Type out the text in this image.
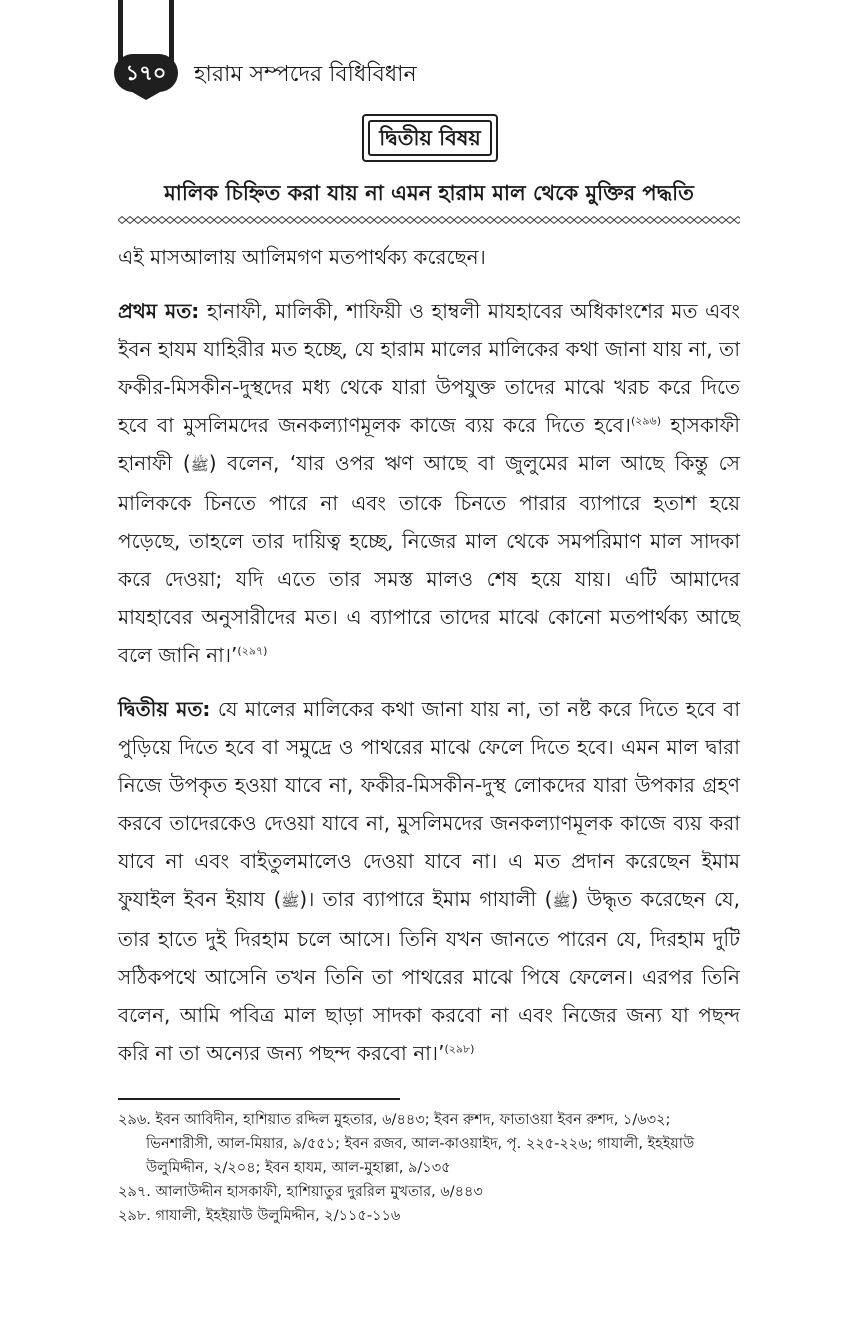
১৭০	হারাম সম্পদের বিধিবিধান
দ্বিতীয় বিষয়
মালিক চিহ্নিত করা যায় না এমন হারাম মাল থেকে মুক্তির পদ্ধতি

এই মাসআলায় আলিমগণ মতপার্থক্য করেছেন।

প্রথম মত: হানাফী, মালিকী, শাফিয়ী ও হাম্বলী মাযহাবের অধিকাংশের মত এবং ইবন হাযম যাহিরীর মত হচ্ছে, যে হারাম মালের মালিকের কথা জানা যায় না, তা ফকীর-মিসকীন-দুস্থদের মধ্য থেকে যারা উপযুক্ত তাদের মাঝে খরচ করে দিতে হবে বা মুসলিমদের জনকল্যাণমূলক কাজে ব্যয় করে দিতে হবে।$^{(২৯৬)}$ হাসকাফী হানাফী (ﷺ) বলেন, ‘যার ওপর ঋণ আছে বা জুলুমের মাল আছে কিন্তু সে মালিককে চিনতে পারে না এবং তাকে চিনতে পারার ব্যাপারে হতাশ হয়ে পড়েছে, তাহলে তার দায়িত্ব হচ্ছে, নিজের মাল থেকে সমপরিমাণ মাল সাদকা করে দেওয়া; যদি এতে তার সমস্ত মালও শেষ হয়ে যায়। এটি আমাদের মাযহাবের অনুসারীদের মত। এ ব্যাপারে তাদের মাঝে কোনো মতপার্থক্য আছে বলে জানি না।’$^{(২৯৭)}$

দ্বিতীয় মত: যে মালের মালিকের কথা জানা যায় না, তা নষ্ট করে দিতে হবে বা পুড়িয়ে দিতে হবে বা সমুদ্রে ও পাথরের মাঝে ফেলে দিতে হবে। এমন মাল দ্বারা নিজে উপকৃত হওয়া যাবে না, ফকীর-মিসকীন-দুস্থ লোকদের যারা উপকার গ্রহণ করবে তাদেরকেও দেওয়া যাবে না, মুসলিমদের জনকল্যাণমূলক কাজে ব্যয় করা যাবে না এবং বাইতুলমালেও দেওয়া যাবে না। এ মত প্রদান করেছেন ইমাম ফুযাইল ইবন ইয়ায (ﷺ)। তার ব্যাপারে ইমাম গাযালী (ﷺ) উদ্ধৃত করেছেন যে, তার হাতে দুই দিরহাম চলে আসে। তিনি যখন জানতে পারেন যে, দিরহাম দুটি সঠিকপথে আসেনি তখন তিনি তা পাথরের মাঝে পিষে ফেলেন। এরপর তিনি বলেন, আমি পবিত্র মাল ছাড়া সাদকা করবো না এবং নিজের জন্য যা পছন্দ করি না তা অন্যের জন্য পছন্দ করবো না।’$^{(২৯৮)}$

২৯৬. ইবন আবিদীন, হাশিয়াত রদ্দিল মুহতার, ৬/৪৪৩; ইবন রুশদ, ফাতাওয়া ইবন রুশদ, ১/৬৩২; ভিনশারীসী, আল-মিয়ার, ৯/৫৫১; ইবন রজব, আল-কাওয়াইদ, পৃ. ২২৫-২২৬; গাযালী, ইহইয়াউ উলুমিদ্দীন, ২/২০৪; ইবন হাযম, আল-মুহাল্লা, ৯/১৩৫

২৯৭. আলাউদ্দীন হাসকাফী, হাশিয়াতুর দুররিল মুখতার, ৬/৪৪৩

২৯৮. গাযালী, ইহইয়াউ উলুমিদ্দীন, ২/১১৫-১১৬
